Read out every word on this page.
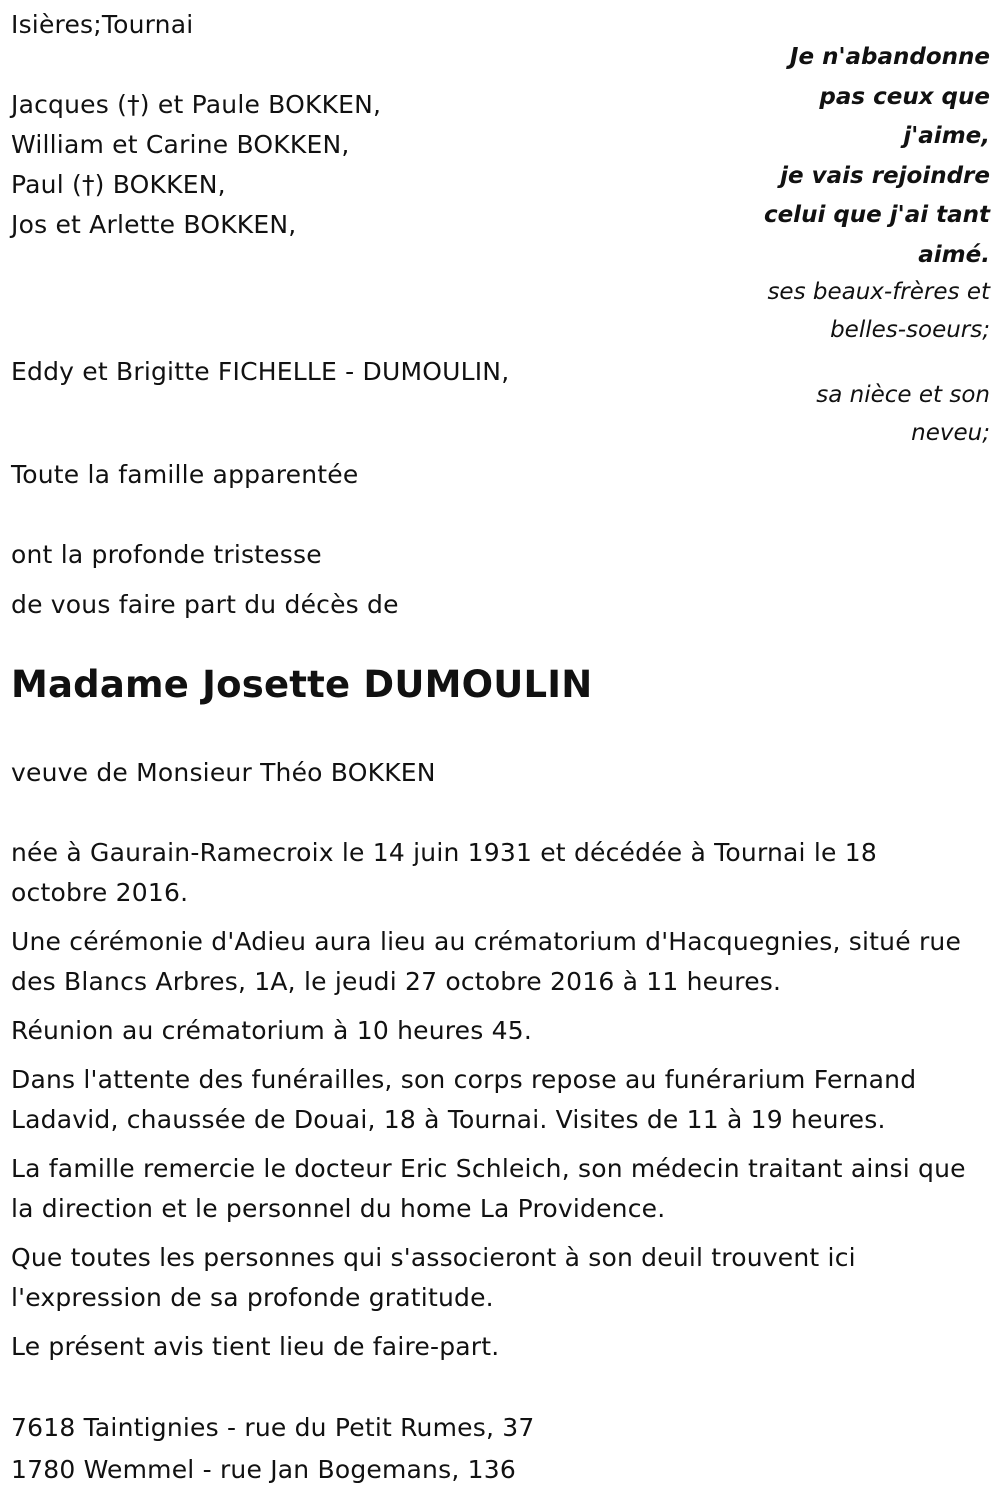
Isières;Tournai
Jacques (†) et Paule BOKKEN,
William et Carine BOKKEN,
Paul (†) BOKKEN,
Jos et Arlette BOKKEN,
Eddy et Brigitte FICHELLE - DUMOULIN,
Toute la famille apparentée
ont la profonde tristesse
de vous faire part du décès de
Madame Josette DUMOULIN
veuve de Monsieur Théo BOKKEN
née à Gaurain-Ramecroix le 14 juin 1931 et décédée à Tournai le 18 octobre 2016.
Une cérémonie d'Adieu aura lieu au crématorium d'Hacquegnies, situé rue des Blancs Arbres, 1A, le jeudi 27 octobre 2016 à 11 heures.
Réunion au crématorium à 10 heures 45.
Dans l'attente des funérailles, son corps repose au funérarium Fernand Ladavid, chaussée de Douai, 18 à Tournai. Visites de 11 à 19 heures.
La famille remercie le docteur Eric Schleich, son médecin traitant ainsi que la direction et le personnel du home La Providence.
Que toutes les personnes qui s'associeront à son deuil trouvent ici l'expression de sa profonde gratitude.
Le présent avis tient lieu de faire-part.
7618 Taintignies - rue du Petit Rumes, 37
1780 Wemmel - rue Jan Bogemans, 136
Je n'abandonne
pas ceux que
j'aime,
je vais rejoindre
celui que j'ai tant
aimé.
ses beaux-frères et
belles-soeurs;
sa nièce et son
neveu;
